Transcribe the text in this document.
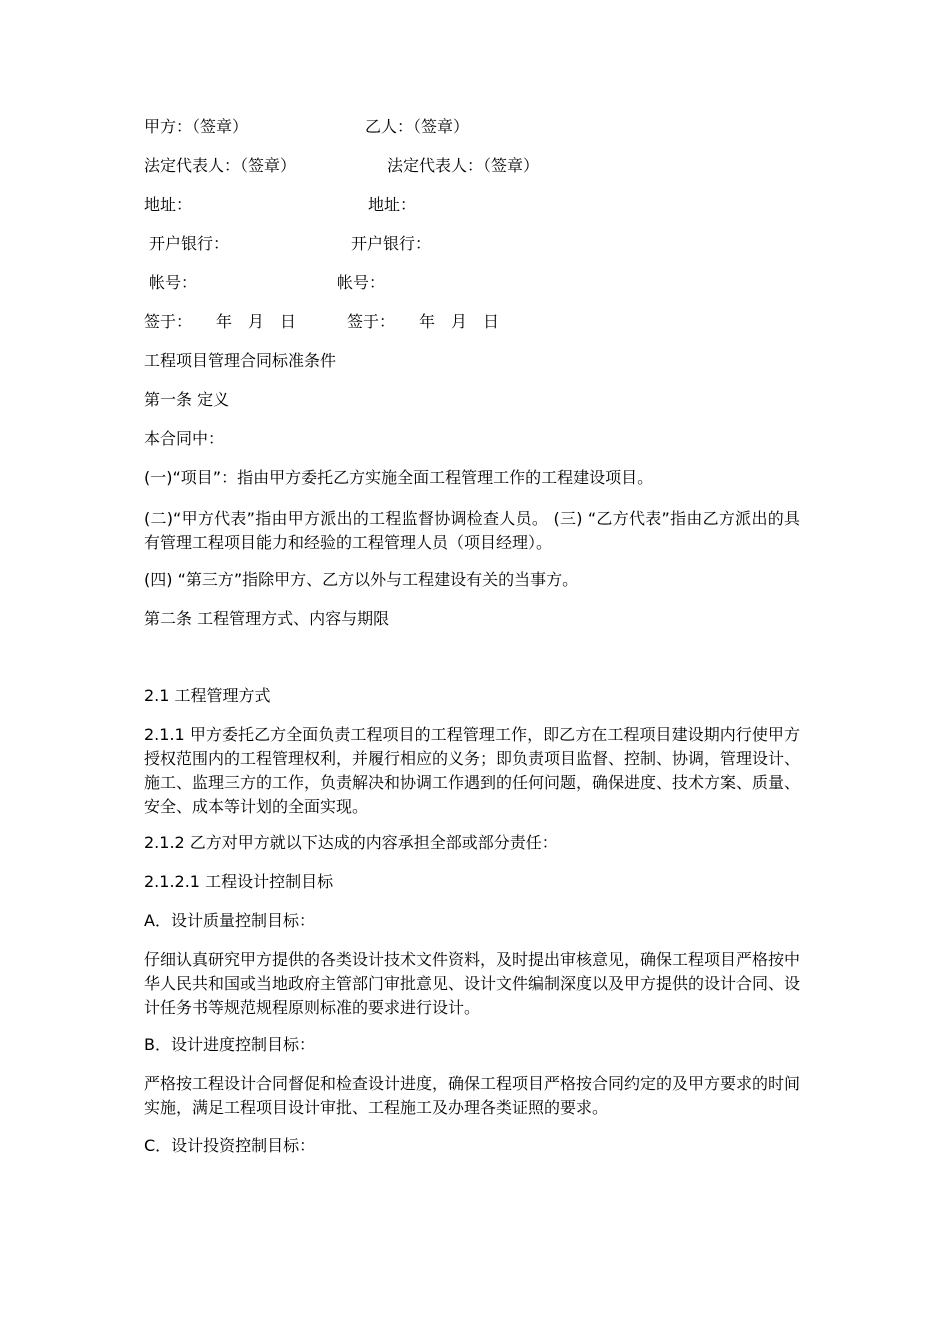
甲方：（签章）	乙人：（签章）
法定代表人：（签章）	法定代表人：（签章）
地址：	地址：
开户银行：	开户银行：
帐号：	帐号：
签于：　　年　月　日	签于：　　年　月　日
工程项目管理合同标准条件
第一条 定义
本合同中：
(一)“项目”：指由甲方委托乙方实施全面工程管理工作的工程建设项目。
(二)“甲方代表”指由甲方派出的工程监督协调检查人员。 (三) “乙方代表”指由乙方派出的具有管理工程项目能力和经验的工程管理人员（项目经理）。
(四) “第三方”指除甲方、乙方以外与工程建设有关的当事方。
第二条 工程管理方式、内容与期限
2.1 工程管理方式
2.1.1 甲方委托乙方全面负责工程项目的工程管理工作，即乙方在工程项目建设期内行使甲方授权范围内的工程管理权利，并履行相应的义务；即负责项目监督、控制、协调，管理设计、施工、监理三方的工作，负责解决和协调工作遇到的任何问题，确保进度、技术方案、质量、安全、成本等计划的全面实现。
2.1.2 乙方对甲方就以下达成的内容承担全部或部分责任：
2.1.2.1 工程设计控制目标
A．设计质量控制目标：
仔细认真研究甲方提供的各类设计技术文件资料，及时提出审核意见，确保工程项目严格按中华人民共和国或当地政府主管部门审批意见、设计文件编制深度以及甲方提供的设计合同、设计任务书等规范规程原则标准的要求进行设计。
B．设计进度控制目标：
严格按工程设计合同督促和检查设计进度，确保工程项目严格按合同约定的及甲方要求的时间实施，满足工程项目设计审批、工程施工及办理各类证照的要求。
C．设计投资控制目标：
